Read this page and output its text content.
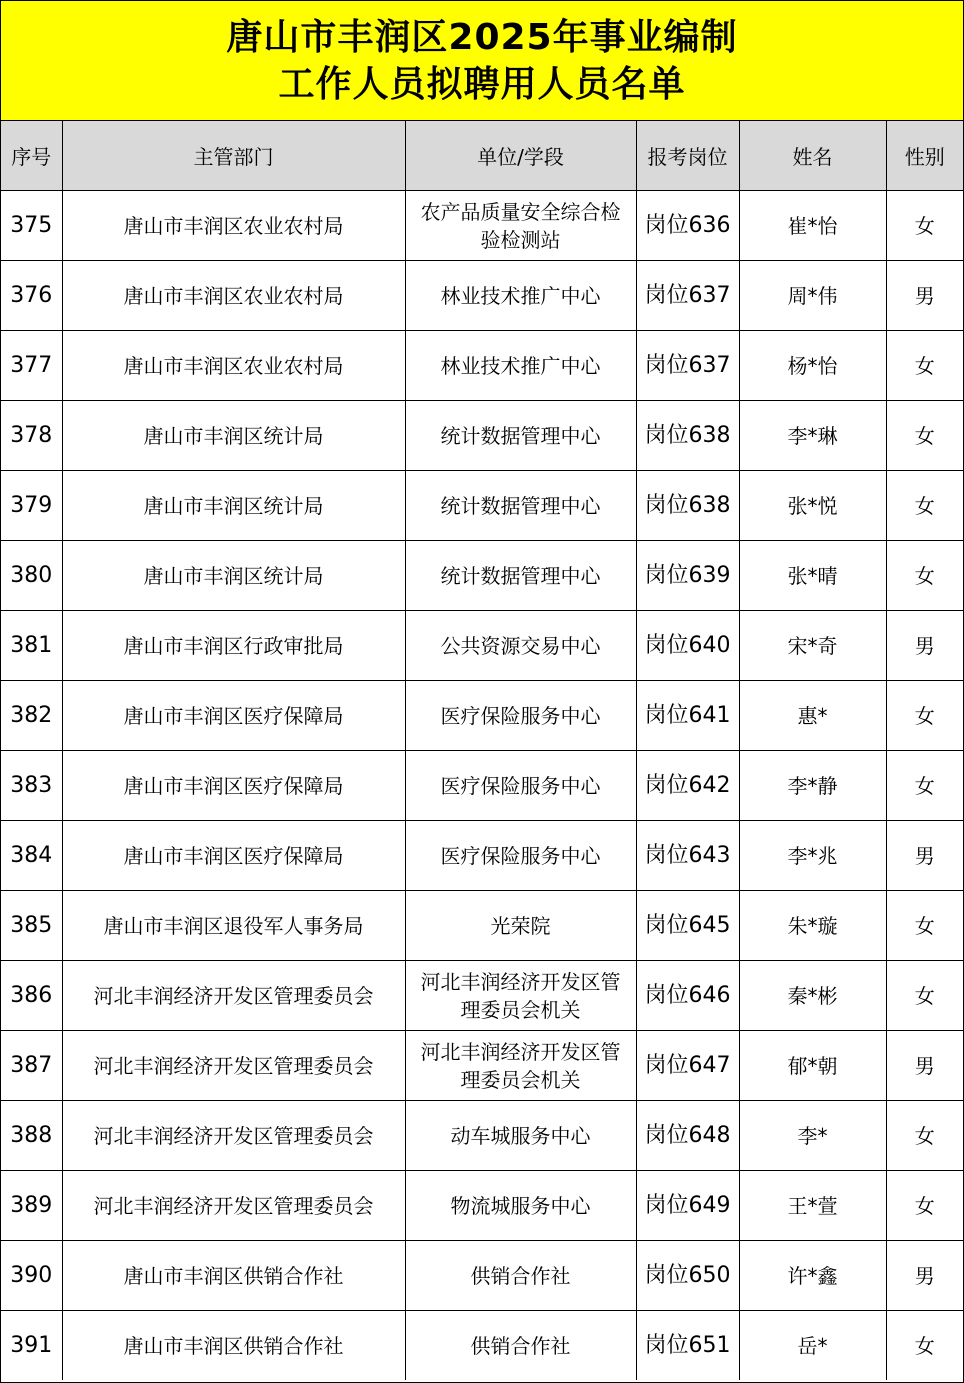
唐山市丰润区2025年事业编制
工作人员拟聘用人员名单
序号	主管部门	单位/学段	报考岗位	姓名	性别
375	唐山市丰润区农业农村局	农产品质量安全综合检验检测站	岗位636	崔*怡	女
376	唐山市丰润区农业农村局	林业技术推广中心	岗位637	周*伟	男
377	唐山市丰润区农业农村局	林业技术推广中心	岗位637	杨*怡	女
378	唐山市丰润区统计局	统计数据管理中心	岗位638	李*琳	女
379	唐山市丰润区统计局	统计数据管理中心	岗位638	张*悦	女
380	唐山市丰润区统计局	统计数据管理中心	岗位639	张*晴	女
381	唐山市丰润区行政审批局	公共资源交易中心	岗位640	宋*奇	男
382	唐山市丰润区医疗保障局	医疗保险服务中心	岗位641	惠*	女
383	唐山市丰润区医疗保障局	医疗保险服务中心	岗位642	李*静	女
384	唐山市丰润区医疗保障局	医疗保险服务中心	岗位643	李*兆	男
385	唐山市丰润区退役军人事务局	光荣院	岗位645	朱*璇	女
386	河北丰润经济开发区管理委员会	河北丰润经济开发区管理委员会机关	岗位646	秦*彬	女
387	河北丰润经济开发区管理委员会	河北丰润经济开发区管理委员会机关	岗位647	郁*朝	男
388	河北丰润经济开发区管理委员会	动车城服务中心	岗位648	李*	女
389	河北丰润经济开发区管理委员会	物流城服务中心	岗位649	王*萱	女
390	唐山市丰润区供销合作社	供销合作社	岗位650	许*鑫	男
391	唐山市丰润区供销合作社	供销合作社	岗位651	岳*	女
